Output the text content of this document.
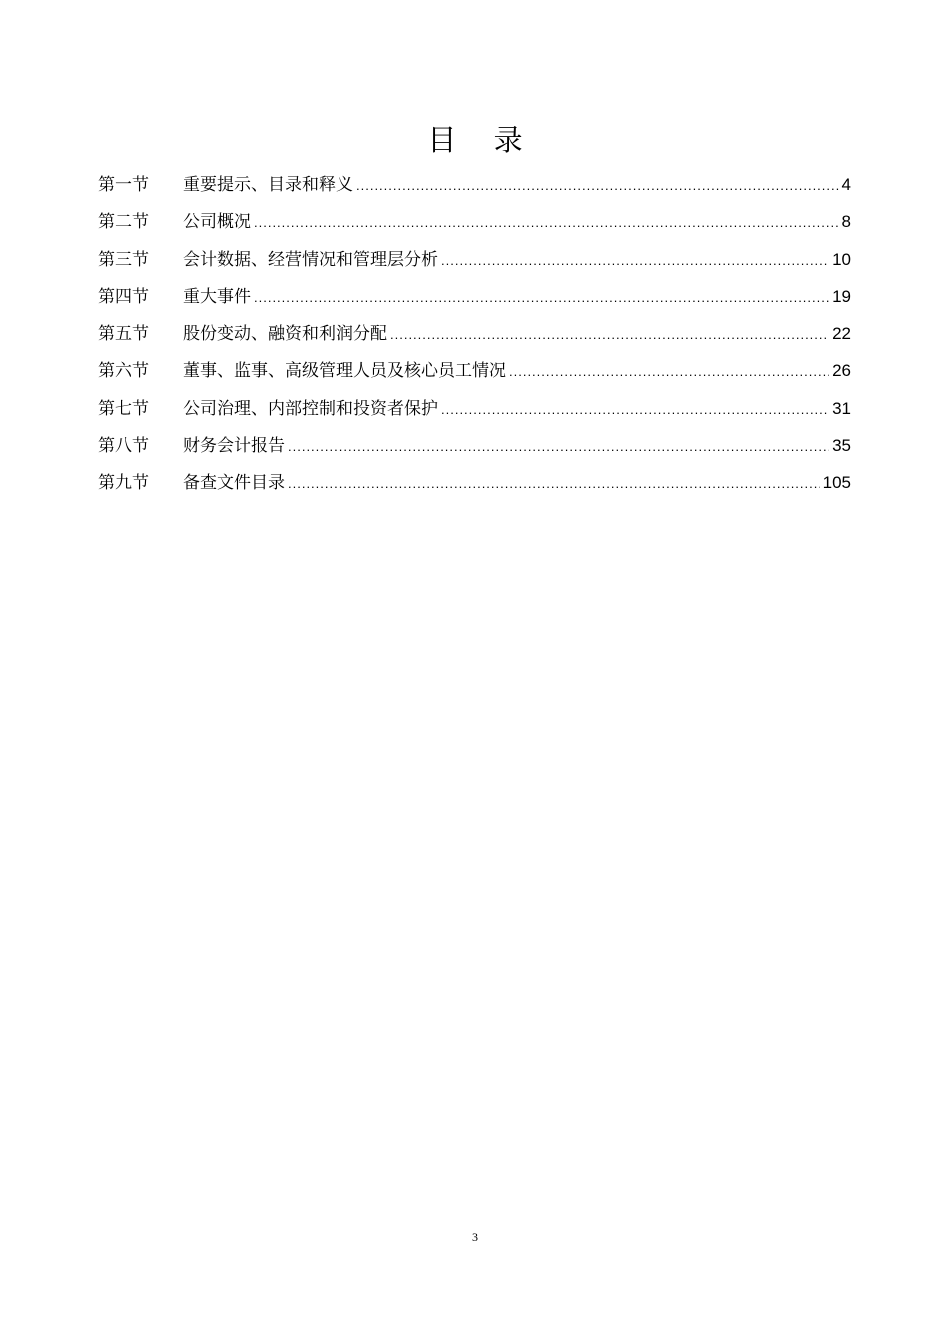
目 录
第一节	重要提示、目录和释义 .....	4
第二节	公司概况 .....	8
第三节	会计数据、经营情况和管理层分析 .....	10
第四节	重大事件 .....	19
第五节	股份变动、融资和利润分配 .....	22
第六节	董事、监事、高级管理人员及核心员工情况 .....	26
第七节	公司治理、内部控制和投资者保护 .....	31
第八节	财务会计报告 .....	35
第九节	备查文件目录 .....	105
3
